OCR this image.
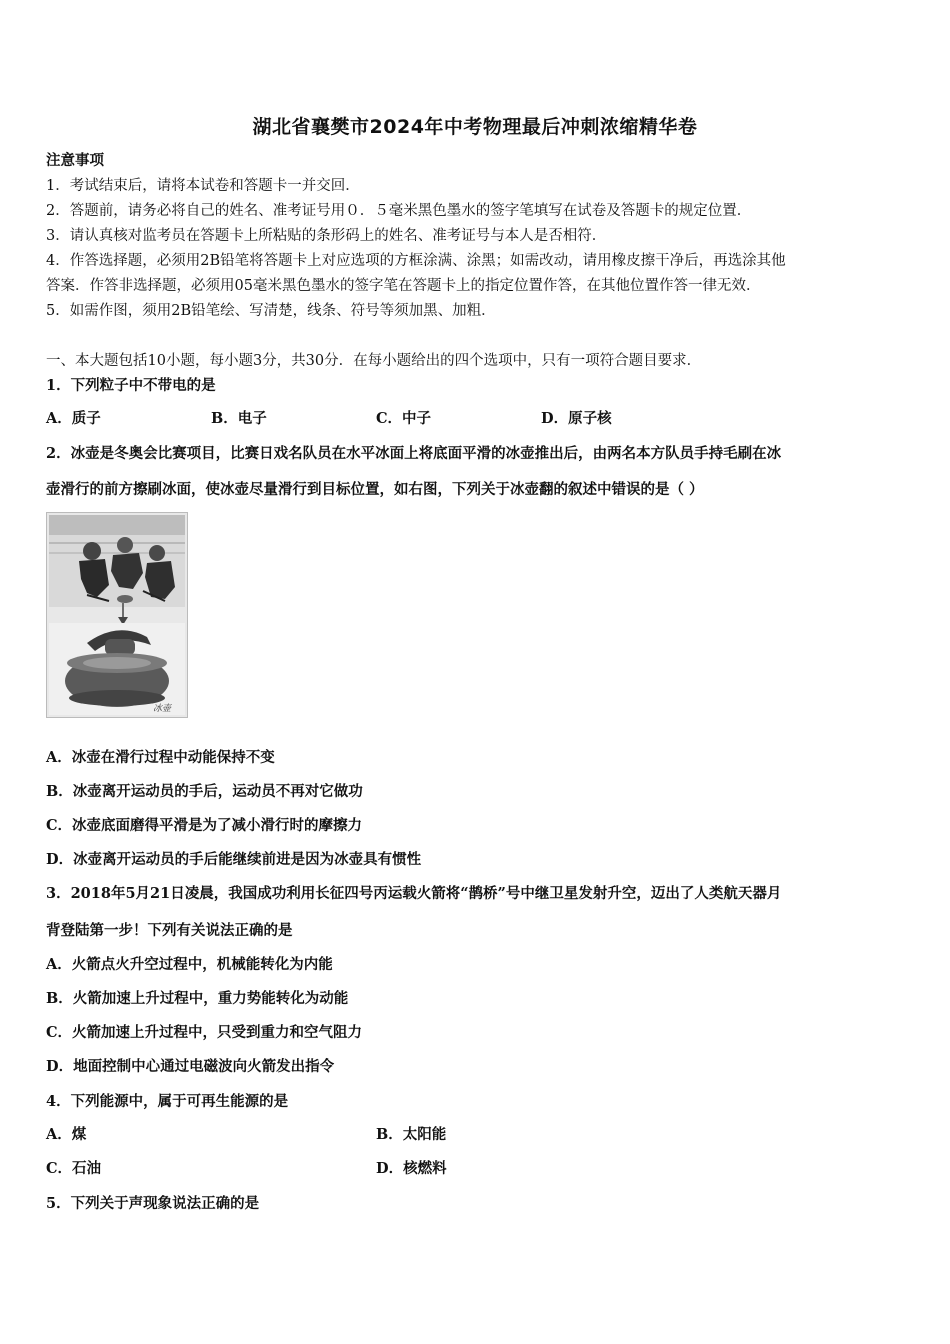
湖北省襄樊市2024年中考物理最后冲刺浓缩精华卷
注意事项
1．考试结束后，请将本试卷和答题卡一并交回．
2．答题前，请务必将自己的姓名、准考证号用０．５毫米黑色墨水的签字笔填写在试卷及答题卡的规定位置．
3．请认真核对监考员在答题卡上所粘贴的条形码上的姓名、准考证号与本人是否相符．
4．作答选择题，必须用2B铅笔将答题卡上对应选项的方框涂满、涂黑；如需改动，请用橡皮擦干净后，再选涂其他
答案．作答非选择题，必须用05毫米黑色墨水的签字笔在答题卡上的指定位置作答，在其他位置作答一律无效．
5．如需作图，须用2B铅笔绘、写清楚，线条、符号等须加黑、加粗．
一、本大题包括10小题，每小题3分，共30分．在每小题给出的四个选项中，只有一项符合题目要求．
1．下列粒子中不带电的是
A．质子	B．电子	C．中子	D．原子核
2．冰壶是冬奥会比赛项目，比赛日戏名队员在水平冰面上将底面平滑的冰壶推出后，由两名本方队员手持毛刷在冰
壶滑行的前方擦刷冰面，使冰壶尽量滑行到目标位置，如右图，下列关于冰壶翻的叙述中错误的是（ ）
冰壶
A．冰壶在滑行过程中动能保持不变
B．冰壶离开运动员的手后，运动员不再对它做功
C．冰壶底面磨得平滑是为了减小滑行时的摩擦力
D．冰壶离开运动员的手后能继续前进是因为冰壶具有惯性
3．2018年5月21日凌晨，我国成功利用长征四号丙运载火箭将“鹊桥”号中继卫星发射升空，迈出了人类航天器月
背登陆第一步！下列有关说法正确的是
A．火箭点火升空过程中，机械能转化为内能
B．火箭加速上升过程中，重力势能转化为动能
C．火箭加速上升过程中，只受到重力和空气阻力
D．地面控制中心通过电磁波向火箭发出指令
4．下列能源中，属于可再生能源的是
A．煤	B．太阳能
C．石油	D．核燃料
5．下列关于声现象说法正确的是
